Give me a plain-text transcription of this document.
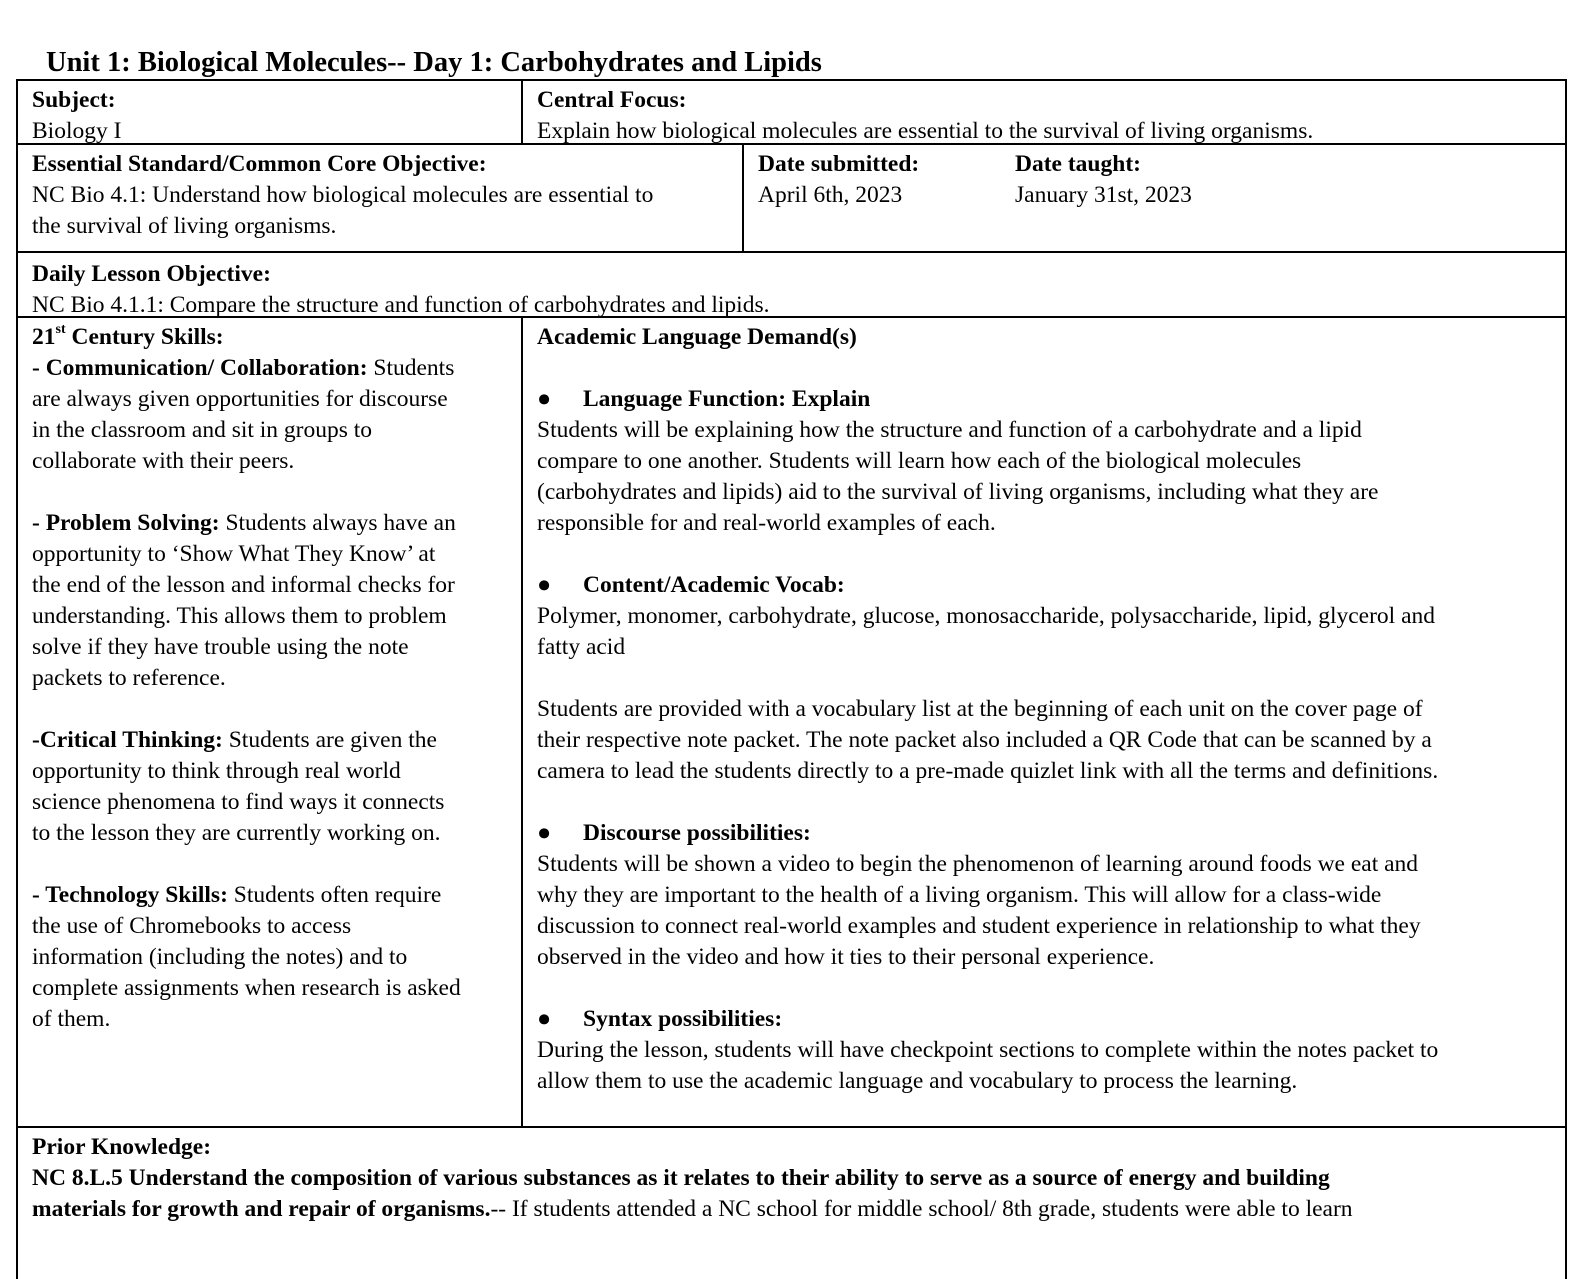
Unit 1: Biological Molecules-- Day 1: Carbohydrates and Lipids

Subject:

Biology I

Central Focus:

Explain how biological molecules are essential to the survival of living organisms.

Essential Standard/Common Core Objective:

NC Bio 4.1: Understand how biological molecules are essential to

the survival of living organisms.

Date submitted:

April 6th, 2023

Date taught:

January 31st, 2023

Daily Lesson Objective:

NC Bio 4.1.1: Compare the structure and function of carbohydrates and lipids.

21st Century Skills:

- Communication/ Collaboration: Students

are always given opportunities for discourse

in the classroom and sit in groups to

collaborate with their peers.

- Problem Solving: Students always have an

opportunity to ‘Show What They Know’ at

the end of the lesson and informal checks for

understanding. This allows them to problem

solve if they have trouble using the note

packets to reference.

-Critical Thinking: Students are given the

opportunity to think through real world

science phenomena to find ways it connects

to the lesson they are currently working on.

- Technology Skills: Students often require

the use of Chromebooks to access

information (including the notes) and to

complete assignments when research is asked

of them.

Academic Language Demand(s)

● Language Function: Explain

Students will be explaining how the structure and function of a carbohydrate and a lipid

compare to one another. Students will learn how each of the biological molecules

(carbohydrates and lipids) aid to the survival of living organisms, including what they are

responsible for and real-world examples of each.

● Content/Academic Vocab:

Polymer, monomer, carbohydrate, glucose, monosaccharide, polysaccharide, lipid, glycerol and

fatty acid

Students are provided with a vocabulary list at the beginning of each unit on the cover page of

their respective note packet. The note packet also included a QR Code that can be scanned by a

camera to lead the students directly to a pre-made quizlet link with all the terms and definitions.

● Discourse possibilities:

Students will be shown a video to begin the phenomenon of learning around foods we eat and

why they are important to the health of a living organism. This will allow for a class-wide

discussion to connect real-world examples and student experience in relationship to what they

observed in the video and how it ties to their personal experience.

● Syntax possibilities:

During the lesson, students will have checkpoint sections to complete within the notes packet to

allow them to use the academic language and vocabulary to process the learning.

Prior Knowledge:

NC 8.L.5 Understand the composition of various substances as it relates to their ability to serve as a source of energy and building

materials for growth and repair of organisms.-- If students attended a NC school for middle school/ 8th grade, students were able to learn
